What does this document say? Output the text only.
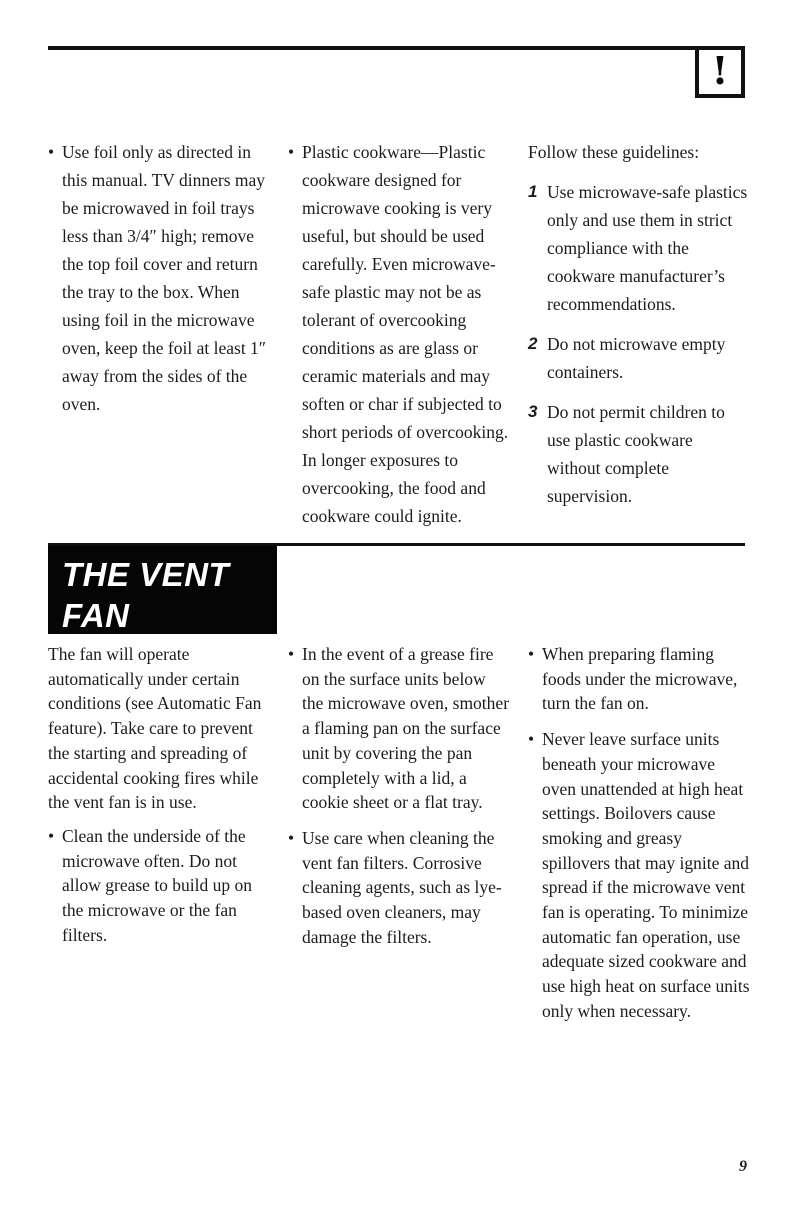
!

• Use foil only as directed in this manual. TV dinners may be microwaved in foil trays less than 3/4″ high; remove the top foil cover and return the tray to the box. When using foil in the microwave oven, keep the foil at least 1″ away from the sides of the oven.

• Plastic cookware—Plastic cookware designed for microwave cooking is very useful, but should be used carefully. Even microwave-safe plastic may not be as tolerant of overcooking conditions as are glass or ceramic materials and may soften or char if subjected to short periods of overcooking. In longer exposures to overcooking, the food and cookware could ignite.

Follow these guidelines:

1 Use microwave-safe plastics only and use them in strict compliance with the cookware manufacturer’s recommendations.

2 Do not microwave empty containers.

3 Do not permit children to use plastic cookware without complete supervision.

THE VENT
FAN

The fan will operate automatically under certain conditions (see Automatic Fan feature). Take care to prevent the starting and spreading of accidental cooking fires while the vent fan is in use.

• Clean the underside of the microwave often. Do not allow grease to build up on the microwave or the fan filters.

• In the event of a grease fire on the surface units below the microwave oven, smother a flaming pan on the surface unit by covering the pan completely with a lid, a cookie sheet or a flat tray.

• Use care when cleaning the vent fan filters. Corrosive cleaning agents, such as lye-based oven cleaners, may damage the filters.

• When preparing flaming foods under the microwave, turn the fan on.

• Never leave surface units beneath your microwave oven unattended at high heat settings. Boilovers cause smoking and greasy spillovers that may ignite and spread if the microwave vent fan is operating. To minimize automatic fan operation, use adequate sized cookware and use high heat on surface units only when necessary.

9
